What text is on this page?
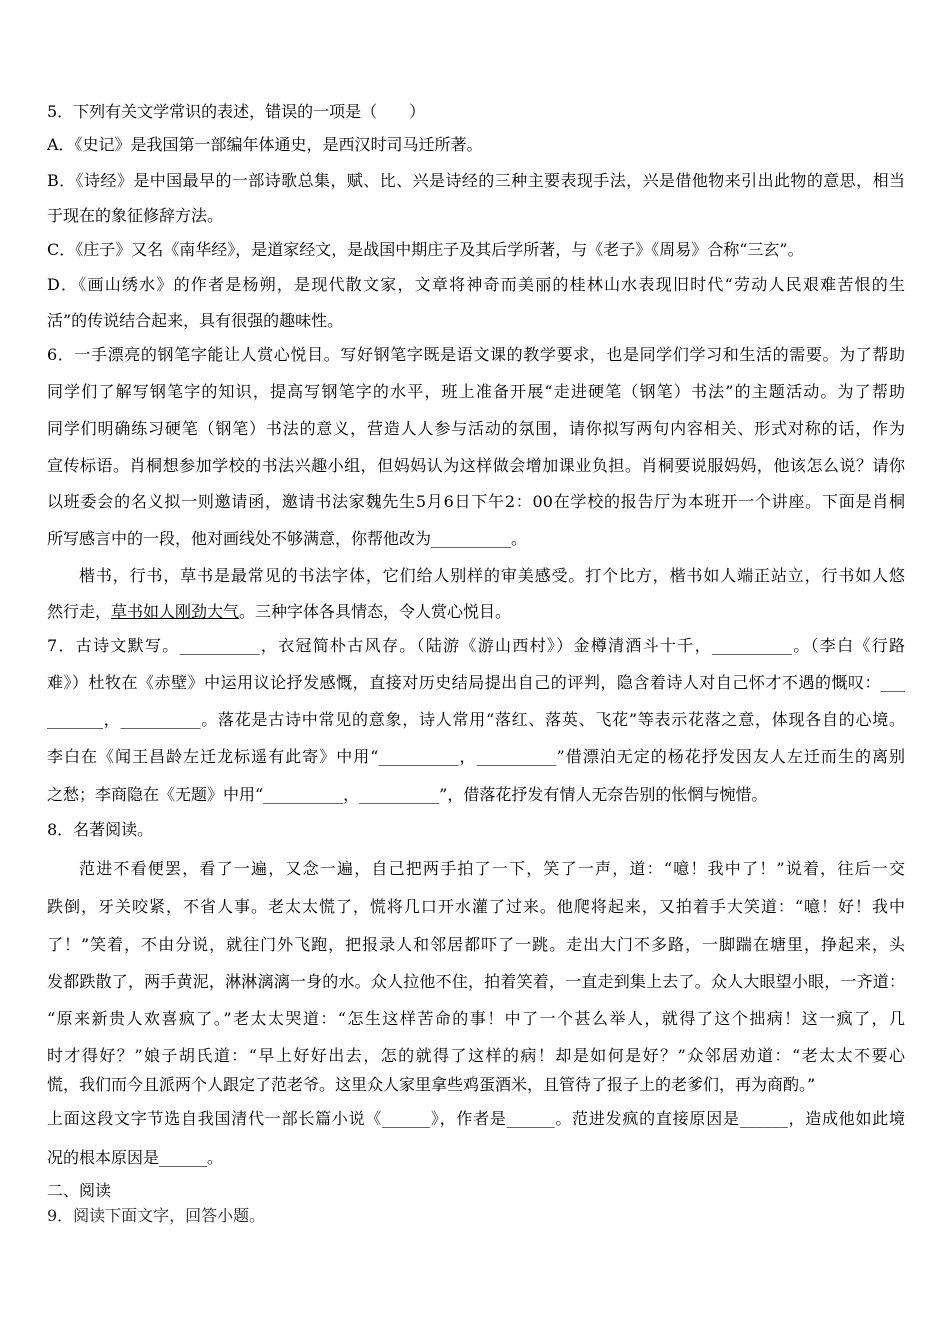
5．下列有关文学常识的表述，错误的一项是（　　）
A．《史记》是我国第一部编年体通史，是西汉时司马迁所著。
B．《诗经》是中国最早的一部诗歌总集，赋、比、兴是诗经的三种主要表现手法，兴是借他物来引出此物的意思，相当
于现在的象征修辞方法。
C．《庄子》又名《南华经》，是道家经文，是战国中期庄子及其后学所著，与《老子》《周易》合称“三玄”。
D．《画山绣水》的作者是杨朔，是现代散文家，文章将神奇而美丽的桂林山水表现旧时代“劳动人民艰难苦恨的生
活”的传说结合起来，具有很强的趣味性。
6．一手漂亮的钢笔字能让人赏心悦目。写好钢笔字既是语文课的教学要求，也是同学们学习和生活的需要。为了帮助
同学们了解写钢笔字的知识，提高写钢笔字的水平，班上准备开展“走进硬笔（钢笔）书法”的主题活动。为了帮助
同学们明确练习硬笔（钢笔）书法的意义，营造人人参与活动的氛围，请你拟写两句内容相关、形式对称的话，作为
宣传标语。肖桐想参加学校的书法兴趣小组，但妈妈认为这样做会增加课业负担。肖桐要说服妈妈，他该怎么说？请你
以班委会的名义拟一则邀请函，邀请书法家魏先生5月6日下午2：00在学校的报告厅为本班开一个讲座。下面是肖桐
所写感言中的一段，他对画线处不够满意，你帮他改为__________。
楷书，行书，草书是最常见的书法字体，它们给人别样的审美感受。打个比方，楷书如人端正站立，行书如人悠
然行走，草书如人刚劲大气。三种字体各具情态，令人赏心悦目。
7．古诗文默写。__________，衣冠简朴古风存。（陆游《游山西村》）金樽清酒斗十千，__________。（李白《行路
难》）杜牧在《赤壁》中运用议论抒发感慨，直接对历史结局提出自己的评判，隐含着诗人对自己怀才不遇的慨叹：___
_______，__________。落花是古诗中常见的意象，诗人常用“落红、落英、飞花”等表示花落之意，体现各自的心境。
李白在《闻王昌龄左迁龙标遥有此寄》中用“__________，__________”借漂泊无定的杨花抒发因友人左迁而生的离别
之愁；李商隐在《无题》中用“__________，__________”，借落花抒发有情人无奈告别的怅惘与惋惜。
8．名著阅读。
范进不看便罢，看了一遍，又念一遍，自己把两手拍了一下，笑了一声，道：“噫！我中了！”说着，往后一交
跌倒，牙关咬紧，不省人事。老太太慌了，慌将几口开水灌了过来。他爬将起来，又拍着手大笑道：“噫！好！我中
了！”笑着，不由分说，就往门外飞跑，把报录人和邻居都吓了一跳。走出大门不多路，一脚踹在塘里，挣起来，头
发都跌散了，两手黄泥，淋淋漓漓一身的水。众人拉他不住，拍着笑着，一直走到集上去了。众人大眼望小眼，一齐道：
“原来新贵人欢喜疯了。”老太太哭道：“怎生这样苦命的事！中了一个甚么举人，就得了这个拙病！这一疯了，几
时才得好？”娘子胡氏道：“早上好好出去，怎的就得了这样的病！却是如何是好？”众邻居劝道：“老太太不要心
慌，我们而今且派两个人跟定了范老爷。这里众人家里拿些鸡蛋酒米，且管待了报子上的老爹们，再为商酌。”
上面这段文字节选自我国清代一部长篇小说《______》，作者是______。范进发疯的直接原因是______，造成他如此境
况的根本原因是______。
二、阅读
9．阅读下面文字，回答小题。
